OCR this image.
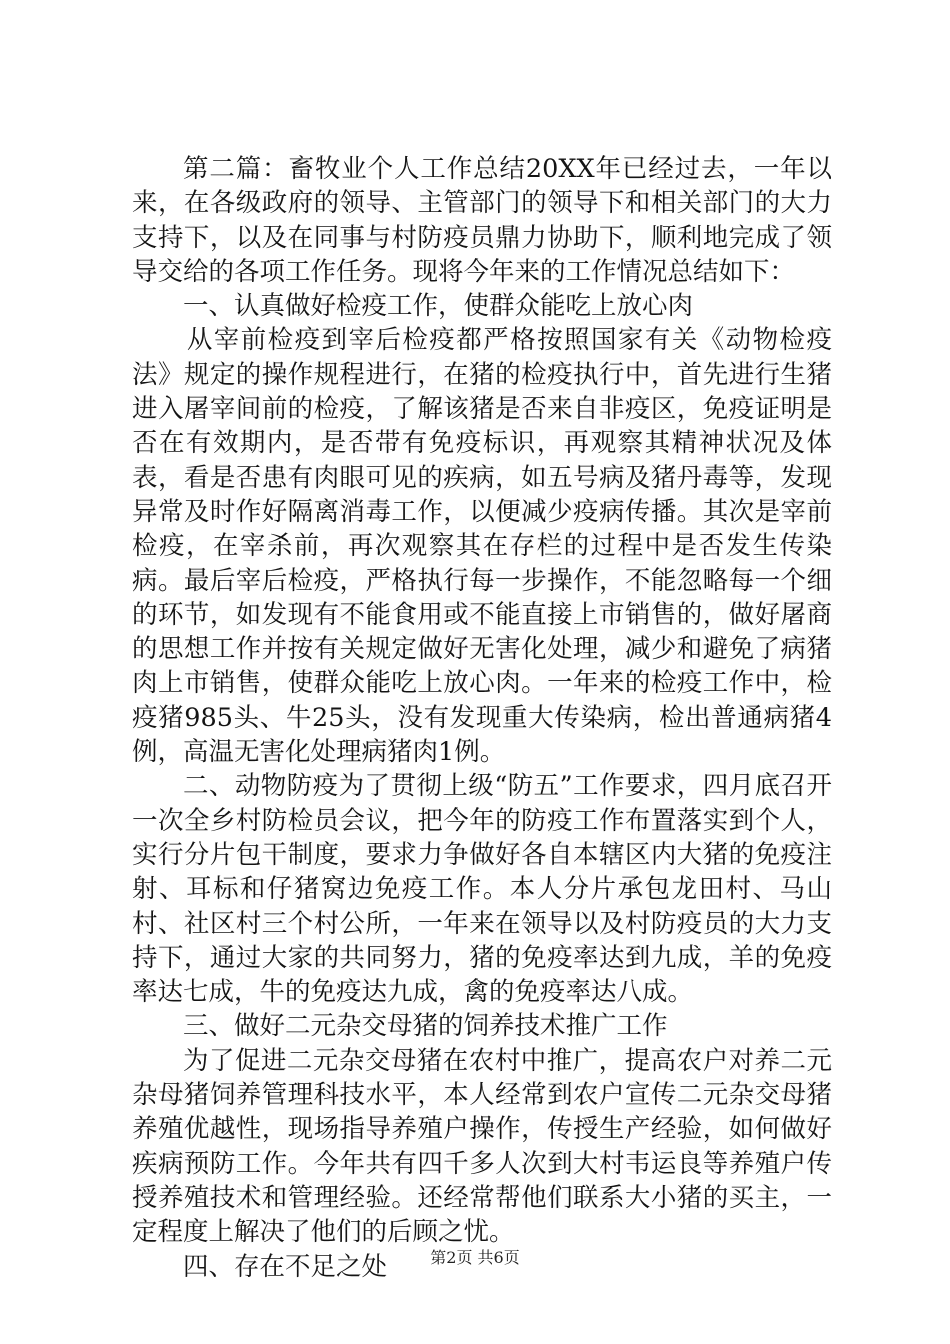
第二篇：畜牧业个人工作总结20XX年已经过去，一年以来，在各级政府的领导、主管部门的领导下和相关部门的大力支持下，以及在同事与村防疫员鼎力协助下，顺利地完成了领导交给的各项工作任务。现将今年来的工作情况总结如下：

一、认真做好检疫工作，使群众能吃上放心肉

从宰前检疫到宰后检疫都严格按照国家有关《动物检疫法》规定的操作规程进行，在猪的检疫执行中，首先进行生猪进入屠宰间前的检疫，了解该猪是否来自非疫区，免疫证明是否在有效期内，是否带有免疫标识，再观察其精神状况及体表，看是否患有肉眼可见的疾病，如五号病及猪丹毒等，发现异常及时作好隔离消毒工作，以便减少疫病传播。其次是宰前检疫，在宰杀前，再次观察其在存栏的过程中是否发生传染病。最后宰后检疫，严格执行每一步操作，不能忽略每一个细的环节，如发现有不能食用或不能直接上市销售的，做好屠商的思想工作并按有关规定做好无害化处理，减少和避免了病猪肉上市销售，使群众能吃上放心肉。一年来的检疫工作中，检疫猪985头、牛25头，没有发现重大传染病，检出普通病猪4例，高温无害化处理病猪肉1例。

二、动物防疫为了贯彻上级“防五”工作要求，四月底召开一次全乡村防检员会议，把今年的防疫工作布置落实到个人，实行分片包干制度，要求力争做好各自本辖区内大猪的免疫注射、耳标和仔猪窝边免疫工作。本人分片承包龙田村、马山村、社区村三个村公所，一年来在领导以及村防疫员的大力支持下，通过大家的共同努力，猪的免疫率达到九成，羊的免疫率达七成，牛的免疫达九成，禽的免疫率达八成。

三、做好二元杂交母猪的饲养技术推广工作

为了促进二元杂交母猪在农村中推广，提高农户对养二元杂母猪饲养管理科技水平，本人经常到农户宣传二元杂交母猪养殖优越性，现场指导养殖户操作，传授生产经验，如何做好疾病预防工作。今年共有四千多人次到大村韦运良等养殖户传授养殖技术和管理经验。还经常帮他们联系大小猪的买主，一定程度上解决了他们的后顾之忧。

四、存在不足之处	第2页 共6页
